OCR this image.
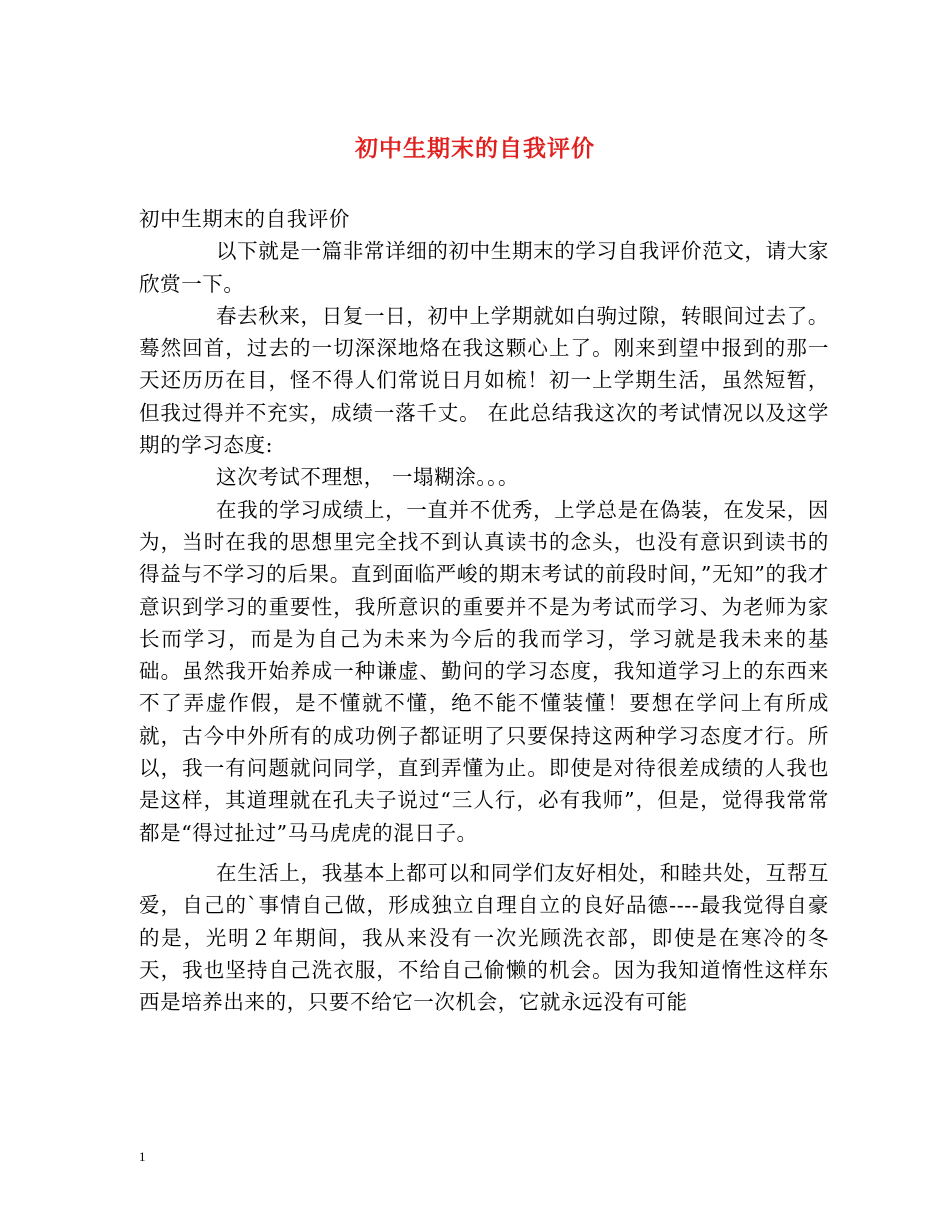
初中生期末的自我评价

初中生期末的自我评价

以下就是一篇非常详细的初中生期末的学习自我评价范文，请大家欣赏一下。

春去秋来，日复一日，初中上学期就如白驹过隙，转眼间过去了。蓦然回首，过去的一切深深地烙在我这颗心上了。刚来到望中报到的那一天还历历在目，怪不得人们常说日月如梳！初一上学期生活，虽然短暂，但我过得并不充实，成绩一落千丈。 在此总结我这次的考试情况以及这学期的学习态度:

这次考试不理想， 一塌糊涂。。。

在我的学习成绩上，一直并不优秀，上学总是在偽装，在发呆，因为，当时在我的思想里完全找不到认真读书的念头，也没有意识到读书的得益与不学习的后果。直到面临严峻的期末考试的前段时间，”无知”的我才意识到学习的重要性，我所意识的重要并不是为考试而学习、为老师为家长而学习，而是为自己为未来为今后的我而学习，学习就是我未来的基础。虽然我开始养成一种谦虚、勤问的学习态度，我知道学习上的东西来不了弄虚作假，是不懂就不懂，绝不能不懂装懂！要想在学问上有所成就，古今中外所有的成功例子都证明了只要保持这两种学习态度才行。所以，我一有问题就问同学，直到弄懂为止。即使是对待很差成绩的人我也是这样，其道理就在孔夫子说过“三人行，必有我师”，但是，觉得我常常都是“得过扯过”马马虎虎的混日子。

在生活上，我基本上都可以和同学们友好相处，和睦共处，互帮互爱，自己的`事情自己做，形成独立自理自立的良好品德----最我觉得自豪的是，光明２年期间，我从来没有一次光顾洗衣部，即使是在寒冷的冬天，我也坚持自己洗衣服，不给自己偷懒的机会。因为我知道惰性这样东西是培养出来的，只要不给它一次机会，它就永远没有可能

1
